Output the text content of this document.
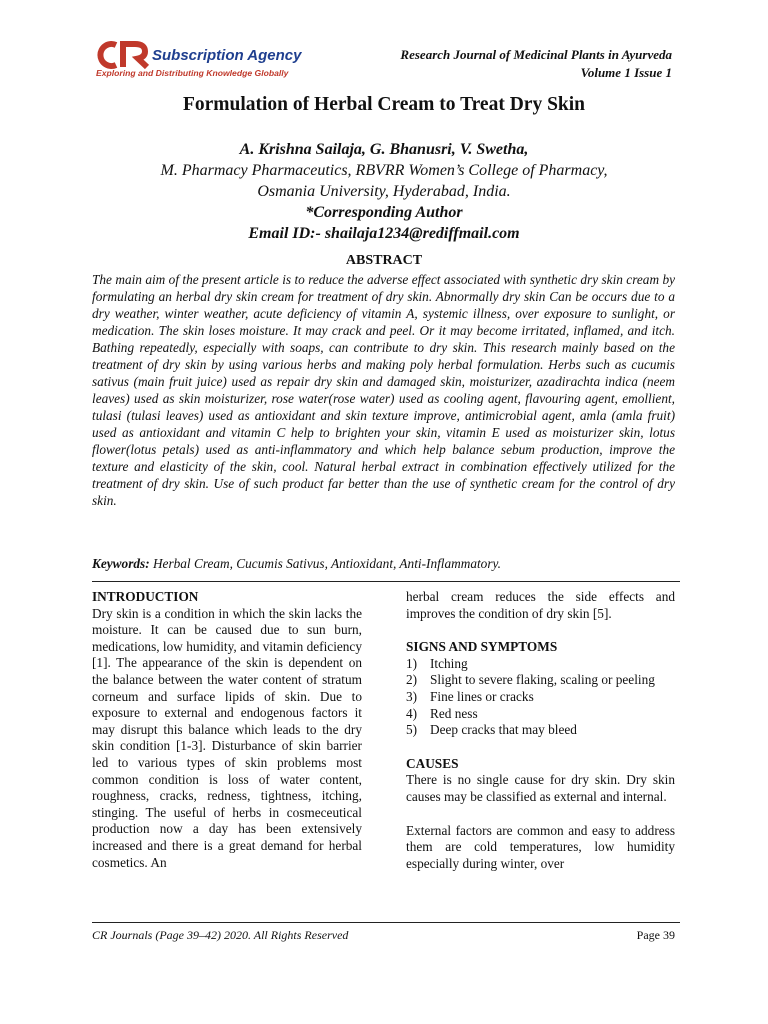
Subscription Agency
Exploring and Distributing Knowledge Globally
Research Journal of Medicinal Plants in Ayurveda
Volume 1 Issue 1
Formulation of Herbal Cream to Treat Dry Skin
A. Krishna Sailaja, G. Bhanusri, V. Swetha,
M. Pharmacy Pharmaceutics, RBVRR Women’s College of Pharmacy,
Osmania University, Hyderabad, India.
*Corresponding Author
Email ID:- shailaja1234@rediffmail.com
ABSTRACT
The main aim of the present article is to reduce the adverse effect associated with synthetic dry skin cream by formulating an herbal dry skin cream for treatment of dry skin. Abnormally dry skin Can be occurs due to a dry weather, winter weather, acute deficiency of vitamin A, systemic illness, over exposure to sunlight, or medication. The skin loses moisture. It may crack and peel. Or it may become irritated, inflamed, and itch. Bathing repeatedly, especially with soaps, can contribute to dry skin. This research mainly based on the treatment of dry skin by using various herbs and making poly herbal formulation. Herbs such as cucumis sativus (main fruit juice) used as repair dry skin and damaged skin, moisturizer, azadirachta indica (neem leaves) used as skin moisturizer, rose water(rose water) used as cooling agent, flavouring agent, emollient, tulasi (tulasi leaves) used as antioxidant and skin texture improve, antimicrobial agent, amla (amla fruit) used as antioxidant and vitamin C help to brighten your skin, vitamin E used as moisturizer skin, lotus flower(lotus petals) used as anti-inflammatory and which help balance sebum production, improve the texture and elasticity of the skin, cool. Natural herbal extract in combination effectively utilized for the treatment of dry skin. Use of such product far better than the use of synthetic cream for the control of dry skin.
Keywords: Herbal Cream, Cucumis Sativus, Antioxidant, Anti-Inflammatory.
INTRODUCTION

Dry skin is a condition in which the skin lacks the moisture. It can be caused due to sun burn, medications, low humidity, and vitamin deficiency [1]. The appearance of the skin is dependent on the balance between the water content of stratum corneum and surface lipids of skin. Due to exposure to external and endogenous factors it may disrupt this balance which leads to the dry skin condition [1-3]. Disturbance of skin barrier led to various types of skin problems most common condition is loss of water content, roughness, cracks, redness, tightness, itching, stinging. The useful of herbs in cosmeceutical production now a day has been extensively increased and there is a great demand for herbal cosmetics. An

herbal cream reduces the side effects and improves the condition of dry skin [5].

SIGNS AND SYMPTOMS
1) Itching
2) Slight to severe flaking, scaling or peeling
3) Fine lines or cracks
4) Red ness
5) Deep cracks that may bleed
CAUSES

There is no single cause for dry skin. Dry skin causes may be classified as external and internal.

External factors are common and easy to address them are cold temperatures, low humidity especially during winter, over

CR Journals (Page 39–42) 2020. All Rights Reserved	Page 39
